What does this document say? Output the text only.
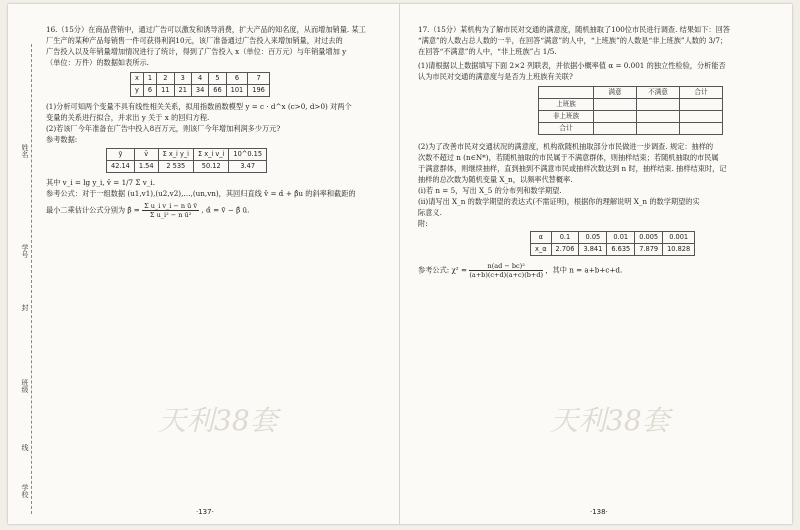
姓名
学号
封
班级
线
学校

16.（15分）在商品营销中，通过广告可以激发和诱导消费，扩大产品的知名度，从而增加销量. 某工

厂生产的某种产品每销售一件可获得利润10元，该厂准备通过广告投入来增加销量，对过去的

广告投入以及年销量增加情况进行了统计，得到了广告投入 x（单位：百万元）与年销量增加 y

（单位：万件）的数据如表所示.

x	1	2	3	4	5	6	7
y	6	11	21	34	66	101	196

(1)分析可知两个变量不具有线性相关关系，拟用指数函数模型 y = c · d^x (c>0, d>0) 对两个

变量的关系进行拟合，并求出 y 关于 x 的回归方程.

(2)若该厂今年准备在广告中投入8百万元，则该厂今年增加利润多少万元?

参考数据:

ȳ	v̄	Σ x_i y_i	Σ x_i v_i	10^0.15
42.14	1.54	2 535	50.12	3.47

其中 v_i = lg y_i, v̄ = 1/7 Σ v_i.

参考公式：对于一组数据 (u1,v1),(u2,v2),…,(un,vn)，其回归直线 v̂ = α̂ + β̂u 的斜率和截距的

最小二乘估计公式分别为 β̂ = $\frac{\text{Σ u\_i v\_i − n ū v̄}}{\text{Σ u\_i² − n ū²}}$ , α̂ = v̄ − β̂ ū.

天利38套
·137·

17.（15分）某机构为了解市民对交通的满意度，随机抽取了100位市民进行调查. 结果如下：回答

“满意”的人数占总人数的一半，在回答“满意”的人中，“上班族”的人数是“非上班族”人数的 3/7；

在回答“不满意”的人中，“非上班族”占 1/5.

(1)请根据以上数据填写下面 2×2 列联表，并依据小概率值 α = 0.001 的独立性检验，分析能否

认为市民对交通的满意度与是否为上班族有关联?

	满意	不满意	合计
上班族			
非上班族			
合计			

(2)为了改善市民对交通状况的满意度，机构欲随机抽取部分市民做进一步调查. 规定：抽样的

次数不超过 n (n∈N*)，若随机抽取的市民属于不满意群体，则抽样结束；若随机抽取的市民属

于满意群体，则继续抽样，直到抽到不满意市民或抽样次数达到 n 时，抽样结束. 抽样结束时，记

抽样的总次数为随机变量 X_n，以频率代替概率.

(ⅰ)若 n = 5，写出 X_5 的分布列和数学期望.

(ⅱ)请写出 X_n 的数学期望的表达式(不需证明)，根据你的理解说明 X_n 的数学期望的实

际意义.

附:

α	0.1	0.05	0.01	0.005	0.001
x_α	2.706	3.841	6.635	7.879	10.828

参考公式: $\chi^2 = \frac{\text{n(ad − bc)²}}{(a+b)(c+d)(a+c)(b+d)}$ ，其中 n = a+b+c+d.

天利38套
·138·
